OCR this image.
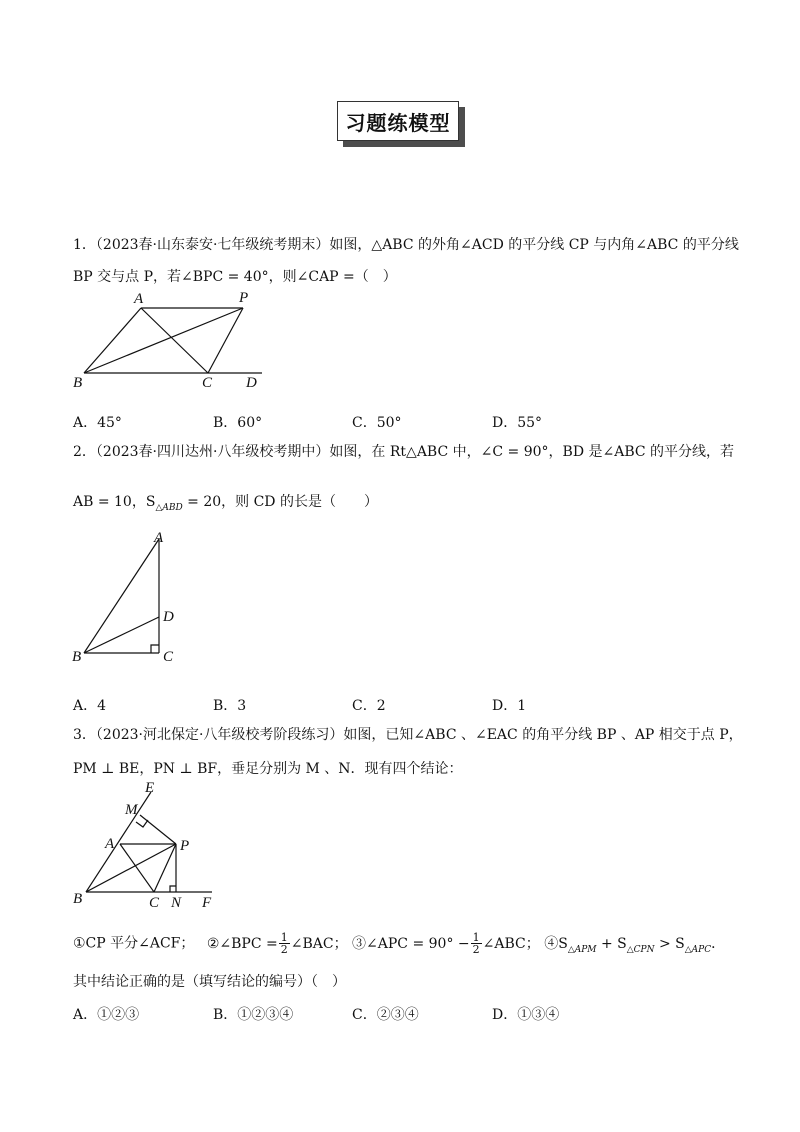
习题练模型
1．（2023春·山东泰安·七年级统考期末）如图，△ABC 的外角∠ACD 的平分线 CP 与内角∠ABC 的平分线
BP 交与点 P，若∠BPC = 40°，则∠CAP =（　）
A	P
B	C D
A．45°	B．60°	C．50°	D．55°
2．（2023春·四川达州·八年级校考期中）如图，在 Rt△ABC 中，∠C = 90°，BD 是∠ABC 的平分线，若
AB = 10，$S_{\triangle ABD} = 20$，则 CD 的长是（　　）
A
D
B	C
A．4	B．3	C．2	D．1
3．（2023·河北保定·八年级校考阶段练习）如图，已知∠ABC 、∠EAC 的角平分线 BP 、AP 相交于点 P，
PM ⊥ BE，PN ⊥ BF，垂足分别为 M 、N．现有四个结论：
E
M
A	P
B	C N F
①CP 平分∠ACF； ②∠BPC = $\frac{1}{2}$ ∠BAC； ③∠APC = $90^\circ - \frac{1}{2}$ ∠ABC； $④S_{\triangle APM} + S_{\triangle CPN} > S_{\triangle APC}$．
其中结论正确的是（填写结论的编号）（　）
A．①②③	B．①②③④	C．②③④	D．①③④
